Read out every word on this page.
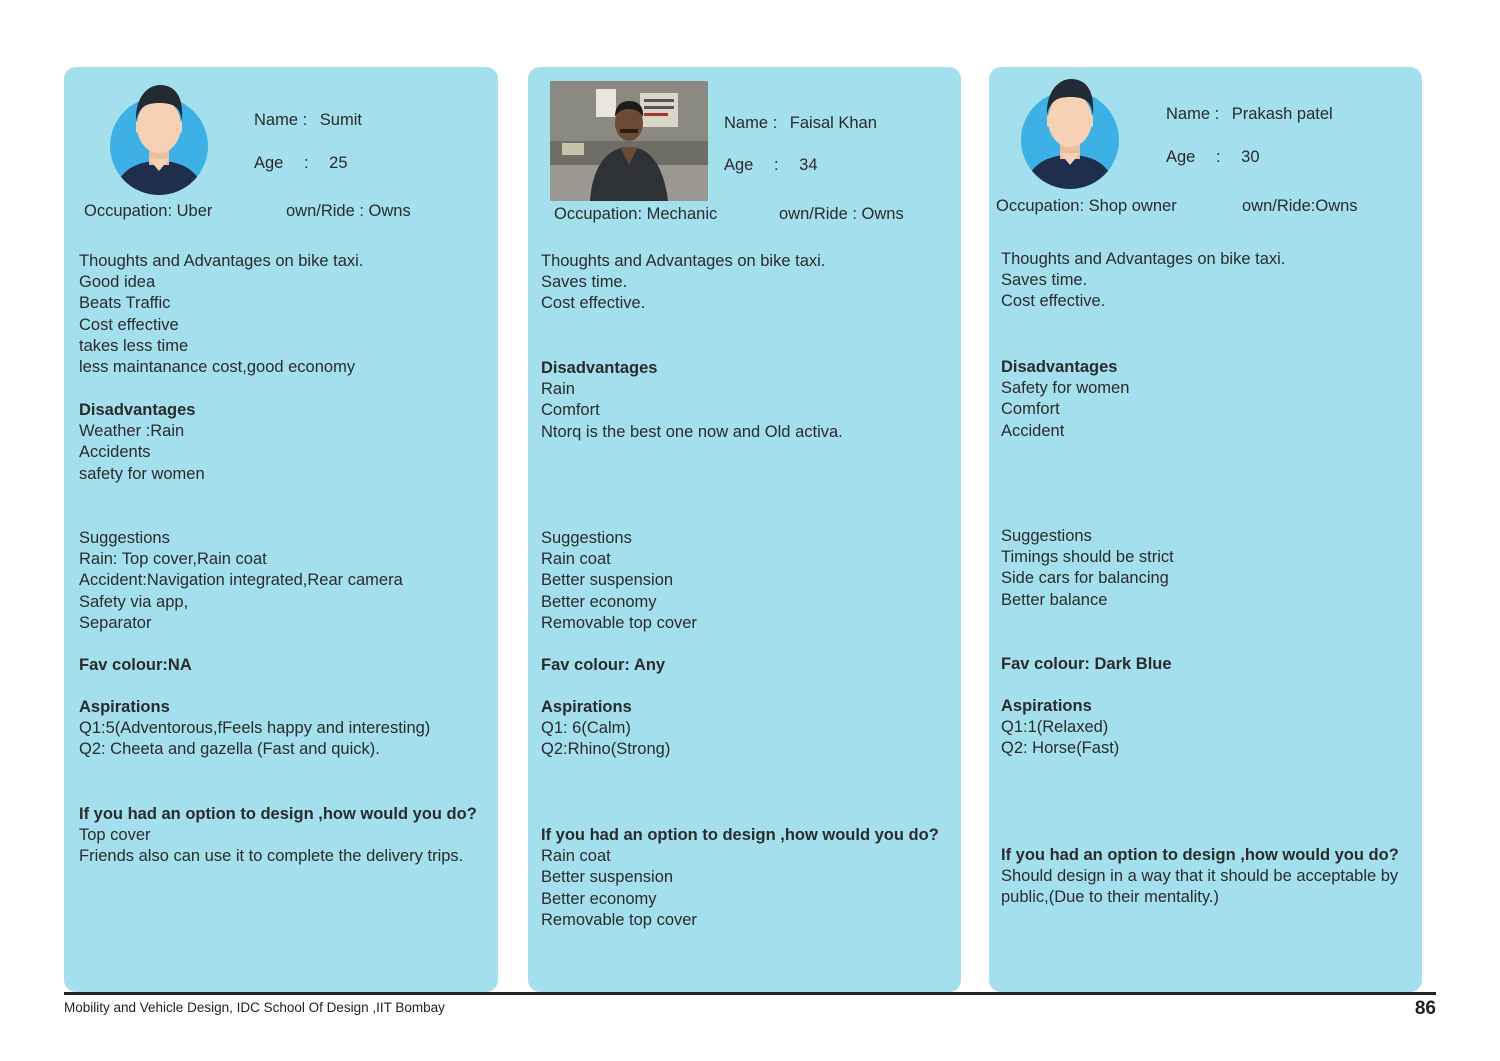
Name : Sumit
Age : 25
Occupation: Uber	own/Ride : Owns
Thoughts and Advantages on bike taxi.
Good idea
Beats Traffic
Cost effective
takes less time
less maintanance cost,good economy
Disadvantages
Weather :Rain
Accidents
safety for women
Suggestions
Rain: Top cover,Rain coat
Accident:Navigation integrated,Rear camera
Safety via app,
Separator
Fav colour:NA
Aspirations
Q1:5(Adventorous,fFeels happy and interesting)
Q2: Cheeta and gazella (Fast and quick).
If you had an option to design ,how would you do?
Top cover
Friends also can use it to complete the delivery trips.
Name : Faisal Khan
Age : 34
Occupation: Mechanic	own/Ride : Owns
Thoughts and Advantages on bike taxi.
Saves time.
Cost effective.
Disadvantages
Rain
Comfort
Ntorq is the best one now and Old activa.
Suggestions
Rain coat
Better suspension
Better economy
Removable top cover
Fav colour: Any
Aspirations
Q1: 6(Calm)
Q2:Rhino(Strong)
If you had an option to design ,how would you do?
Rain coat
Better suspension
Better economy
Removable top cover
Name : Prakash patel
Age : 30
Occupation: Shop owner	own/Ride:Owns
Thoughts and Advantages on bike taxi.
Saves time.
Cost effective.
Disadvantages
Safety for women
Comfort
Accident
Suggestions
Timings should be strict
Side cars for balancing
Better balance
Fav colour: Dark Blue
Aspirations
Q1:1(Relaxed)
Q2: Horse(Fast)
If you had an option to design ,how would you do?
Should design in a way that it should be acceptable by
public,(Due to their mentality.)
Mobility and Vehicle Design, IDC School Of Design ,IIT Bombay	86
